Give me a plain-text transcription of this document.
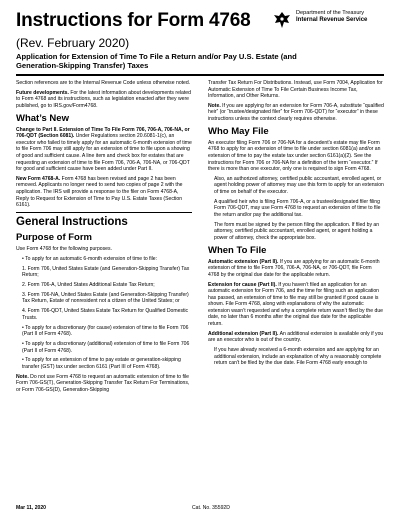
Instructions for Form 4768
(Rev. February 2020)
Application for Extension of Time To File a Return and/or Pay U.S. Estate (and Generation-Skipping Transfer) Taxes
Department of the Treasury
Internal Revenue Service

Section references are to the Internal Revenue Code unless otherwise noted.

Future developments. For the latest information about developments related to Form 4768 and its instructions, such as legislation enacted after they were published, go to IRS.gov/Form4768.

What’s New

Change to Part II. Extension of Time To File Form 706, 706-A, 706-NA, or 706-QDT (Section 6081). Under Regulations section 20.6081-1(c), an executor who failed to timely apply for an automatic 6-month extension of time to file Form 706 may still apply for an extension of time to file upon a showing of good and sufficient cause. A line item and check box for estates that are requesting an extension of time to file Form 706, 706-A, 706-NA, or 706-QDT for good and sufficient cause have been added under Part II.

New Form 4768-A. Form 4768 has been revised and page 2 has been removed. Applicants no longer need to send two copies of page 2 with the application. The IRS will provide a response to the filer on Form 4768-A, Reply to Request for Extension of Time to Pay U.S. Estate Taxes (Section 6161).

General Instructions
Purpose of Form

Use Form 4768 for the following purposes.

• To apply for an automatic 6-month extension of time to file:

1. Form 706, United States Estate (and Generation-Skipping Transfer) Tax Return;

2. Form 706-A, United States Additional Estate Tax Return;

3. Form 706-NA, United States Estate (and Generation-Skipping Transfer) Tax Return, Estate of nonresident not a citizen of the United States; or

4. Form 706-QDT, United States Estate Tax Return for Qualified Domestic Trusts.

• To apply for a discretionary (for cause) extension of time to file Form 706 (Part II of Form 4768).

• To apply for a discretionary (additional) extension of time to file Form 706 (Part II of Form 4768).

• To apply for an extension of time to pay estate or generation-skipping transfer (GST) tax under section 6161 (Part III of Form 4768).

Note. Do not use Form 4768 to request an automatic extension of time to file Form 706-GS(T), Generation-Skipping Transfer Tax Return For Terminations, or Form 706-GS(D), Generation-Skipping

Transfer Tax Return For Distributions. Instead, use Form 7004, Application for Automatic Extension of Time To File Certain Business Income Tax, Information, and Other Returns.

Note. If you are applying for an extension for Form 706-A, substitute “qualified heir” (or “trustee/designated filer” for Form 706-QDT) for “executor” in these instructions unless the context clearly requires otherwise.

Who May File

An executor filing Form 706 or 706-NA for a decedent's estate may file Form 4768 to apply for an extension of time to file under section 6081(a) and/or an extension of time to pay the estate tax under section 6161(a)(2). See the instructions for Form 706 or 706-NA for a definition of the term “executor.” If there is more than one executor, only one is required to sign Form 4768.

Also, an authorized attorney, certified public accountant, enrolled agent, or agent holding power of attorney may use this form to apply for an extension of time on behalf of the executor.

A qualified heir who is filing Form 706-A, or a trustee/designated filer filing Form 706-QDT, may use Form 4768 to request an extension of time to file the return and/or pay the additional tax.

The form must be signed by the person filing the application. If filed by an attorney, certified public accountant, enrolled agent, or agent holding a power of attorney, check the appropriate box.

When To File

Automatic extension (Part II). If you are applying for an automatic 6-month extension of time to file Form 706, 706-A, 706-NA, or 706-QDT, file Form 4768 by the original due date for the applicable return.

Extension for cause (Part II). If you haven’t filed an application for an automatic extension for Form 706, and the time for filing such an application has passed, an extension of time to file may still be granted if good cause is shown. File Form 4768, along with explanations of why the automatic extension wasn’t requested and why a complete return wasn’t filed by the due date, no later than 6 months after the original due date for the applicable return.

Additional extension (Part II). An additional extension is available only if you are an executor who is out of the country.

If you have already received a 6-month extension and are applying for an additional extension, include an explanation of why a reasonably complete return can't be filed by the due date. File Form 4768 early enough to

Mar 11, 2020	Cat. No. 35592D
